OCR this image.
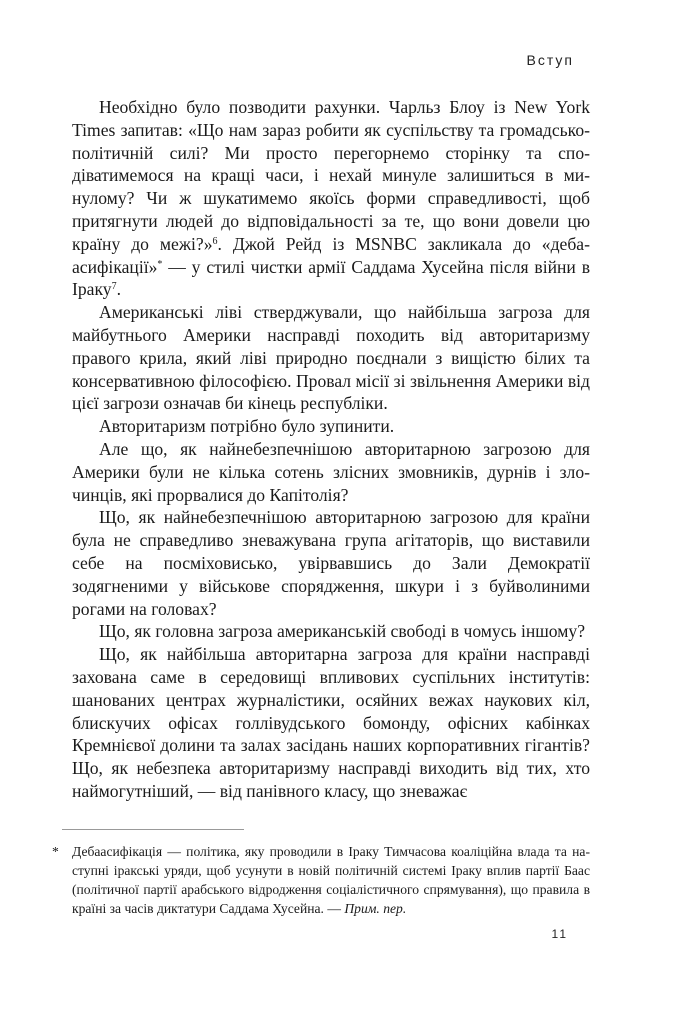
Вступ

Необхідно було позводити рахунки. Чарльз Блоу із New York Times запитав: «Що нам зараз робити як суспільству та громадсько-політичній силі? Ми просто перегорнемо сторінку та сподіватимемося на кращі часи, і нехай минуле залишиться в минулому? Чи ж шукатимемо якоїсь форми справедливості, щоб притягнути людей до відповідальності за те, що вони довели цю країну до межі?»$^6$. Джой Рейд із MSNBC закликала до «дебаасифікації»* — у стилі чистки армії Саддама Хусейна після війни в Іраку$^7$.

Американські ліві стверджували, що найбільша загроза для майбутнього Америки насправді походить від авторитаризму правого крила, який ліві природно поєднали з вищістю білих та консервативною філософією. Провал місії зі звільнення Америки від цієї загрози означав би кінець республіки.

Авторитаризм потрібно було зупинити.

Але що, як найнебезпечнішою авторитарною загрозою для Америки були не кілька сотень злісних змовників, дурнів і злочинців, які прорвалися до Капітолія?

Що, як найнебезпечнішою авторитарною загрозою для країни була не справедливо зневажувана група агітаторів, що виставили себе на посміховисько, увірвавшись до Зали Демократії зодягненими у військове спорядження, шкури і з буйволиними рогами на головах?

Що, як головна загроза американській свободі в чомусь іншому?

Що, як найбільша авторитарна загроза для країни насправді захована саме в середовищі впливових суспільних інститутів: шанованих центрах журналістики, осяйних вежах наукових кіл, блискучих офісах голлівудського бомонду, офісних кабінках Кремнієвої долини та залах засідань наших корпоративних гігантів? Що, як небезпека авторитаризму насправді виходить від тих, хто наймогутніший, — від панівного класу, що зневажає

* Дебаасифікація — політика, яку проводили в Іраку Тимчасова коаліційна влада та наступні іракські уряди, щоб усунути в новій політичній системі Іраку вплив партії Баас (політичної партії арабського відродження соціалістичного спрямування), що правила в країні за часів диктатури Саддама Хусейна. — Прим. пер.
11
